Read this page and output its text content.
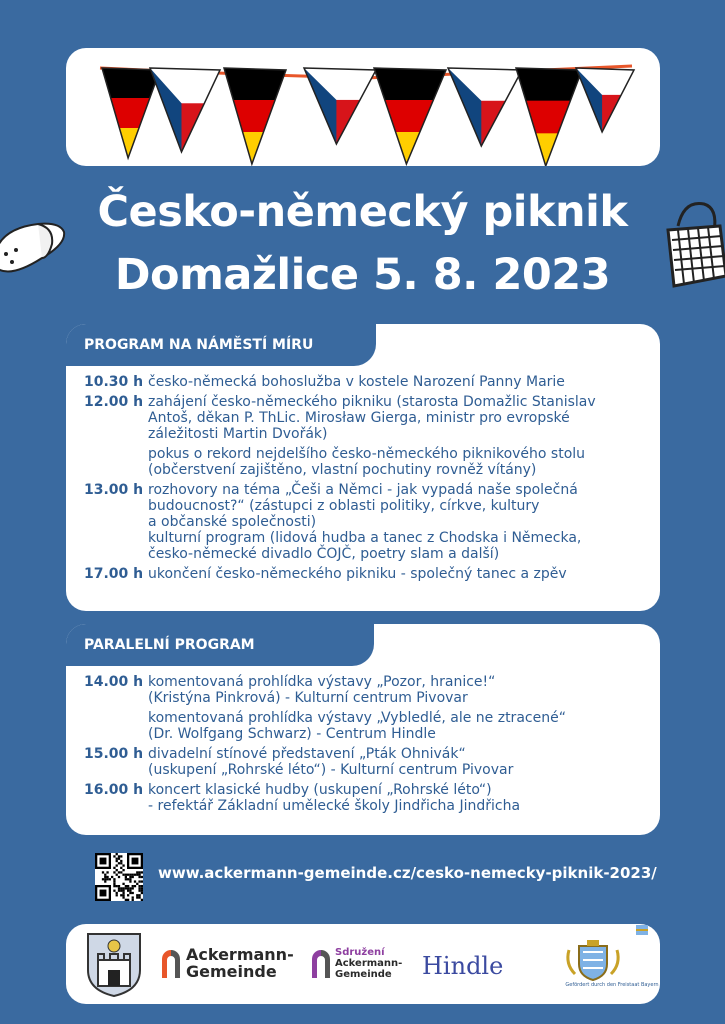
Česko-německý piknik
Domažlice 5. 8. 2023
PROGRAM NA NÁMĚSTÍ MÍRU
10.30 h česko-německá bohoslužba v kostele Narození Panny Marie
12.00 h zahájení česko-německého pikniku (starosta Domažlic Stanislav
Antoš, děkan P. ThLic. Mirosław Gierga, ministr pro evropské
záležitosti Martin Dvořák)
pokus o rekord nejdelšího česko-německého piknikového stolu
(občerstvení zajištěno, vlastní pochutiny rovněž vítány)
13.00 h rozhovory na téma „Češi a Němci - jak vypadá naše společná
budoucnost?“ (zástupci z oblasti politiky, církve, kultury
a občanské společnosti)
kulturní program (lidová hudba a tanec z Chodska i Německa,
česko-německé divadlo ČOJČ, poetry slam a další)
17.00 h ukončení česko-německého pikniku - společný tanec a zpěv
PARALELNÍ PROGRAM
14.00 h komentovaná prohlídka výstavy „Pozor, hranice!“
(Kristýna Pinkrová) - Kulturní centrum Pivovar
komentovaná prohlídka výstavy „Vybledlé, ale ne ztracené“
(Dr. Wolfgang Schwarz) - Centrum Hindle
15.00 h divadelní stínové představení „Pták Ohnivák“
(uskupení „Rohrské léto“) - Kulturní centrum Pivovar
16.00 h koncert klasické hudby (uskupení „Rohrské léto“)
- refektář Základní umělecké školy Jindřicha Jindřicha
www.ackermann-gemeinde.cz/cesko-nemecky-piknik-2023/
Ackermann-
Gemeinde
Sdružení
Ackermann-
Gemeinde	Hindle
Gefördert durch den Freistaat Bayern
